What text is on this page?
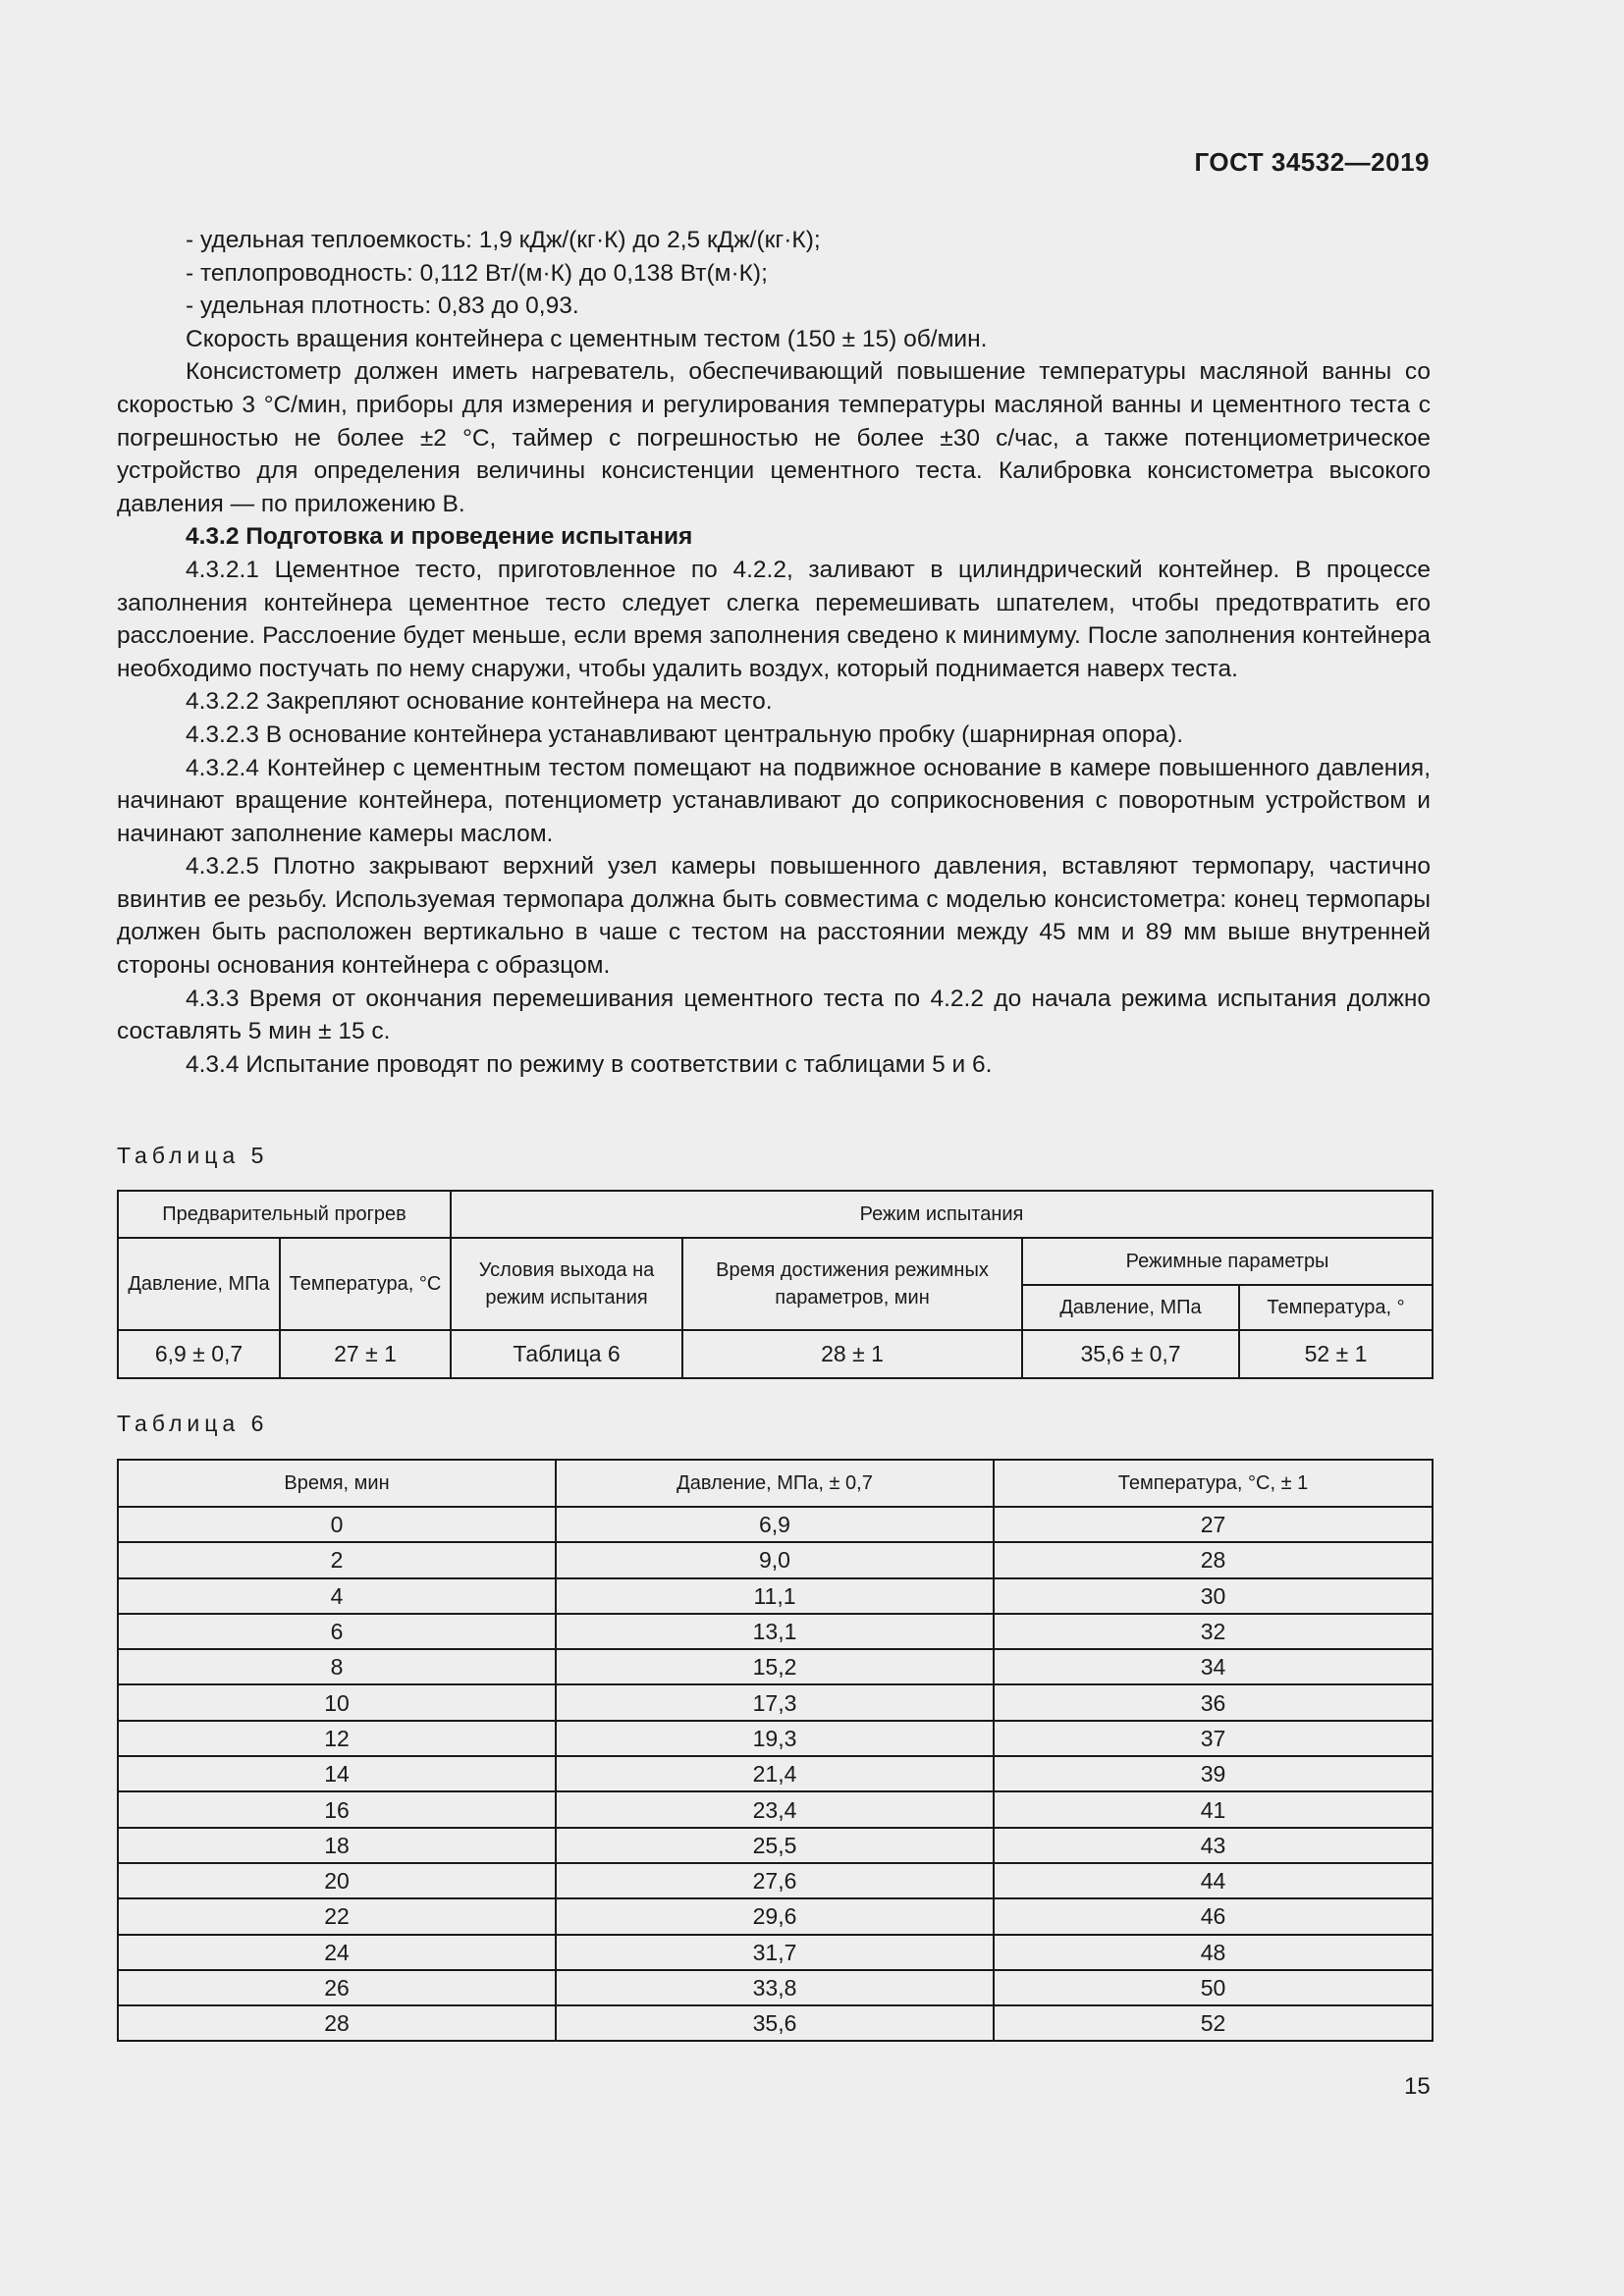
ГОСТ 34532—2019

- удельная теплоемкость: 1,9 кДж/(кг·К) до 2,5 кДж/(кг·К);

- теплопроводность: 0,112 Вт/(м·К) до 0,138 Вт(м·К);

- удельная плотность: 0,83 до 0,93.

Скорость вращения контейнера с цементным тестом (150 ± 15) об/мин.

Консистометр должен иметь нагреватель, обеспечивающий повышение температуры масляной ванны со скоростью 3 °С/мин, приборы для измерения и регулирования температуры масляной ванны и цементного теста с погрешностью не более ±2 °С, таймер с погрешностью не более ±30 с/час, а также потенциометрическое устройство для определения величины консистенции цементного теста. Калибровка консистометра высокого давления — по приложению В.

4.3.2 Подготовка и проведение испытания

4.3.2.1 Цементное тесто, приготовленное по 4.2.2, заливают в цилиндрический контейнер. В процессе заполнения контейнера цементное тесто следует слегка перемешивать шпателем, чтобы предотвратить его расслоение. Расслоение будет меньше, если время заполнения сведено к минимуму. После заполнения контейнера необходимо постучать по нему снаружи, чтобы удалить воздух, который поднимается наверх теста.

4.3.2.2 Закрепляют основание контейнера на место.

4.3.2.3 В основание контейнера устанавливают центральную пробку (шарнирная опора).

4.3.2.4 Контейнер с цементным тестом помещают на подвижное основание в камере повышенного давления, начинают вращение контейнера, потенциометр устанавливают до соприкосновения с поворотным устройством и начинают заполнение камеры маслом.

4.3.2.5 Плотно закрывают верхний узел камеры повышенного давления, вставляют термопару, частично ввинтив ее резьбу. Используемая термопара должна быть совместима с моделью консистометра: конец термопары должен быть расположен вертикально в чаше с тестом на расстоянии между 45 мм и 89 мм выше внутренней стороны основания контейнера с образцом.

4.3.3 Время от окончания перемешивания цементного теста по 4.2.2 до начала режима испытания должно составлять 5 мин ± 15 с.

4.3.4 Испытание проводят по режиму в соответствии с таблицами 5 и 6.

Таблица 5
Предварительный прогрев		Режим испытания			
Давление, МПа	Температура, °С	Условия выхода на режим испытания	Время достижения режимных параметров, мин	Режимные параметры	
				Давление, МПа	Температура, °
6,9 ± 0,7	27 ± 1	Таблица 6	28 ± 1	35,6 ± 0,7	52 ± 1
Таблица 6
Время, мин	Давление, МПа, ± 0,7	Температура, °С, ± 1
0	6,9	27
2	9,0	28
4	11,1	30
6	13,1	32
8	15,2	34
10	17,3	36
12	19,3	37
14	21,4	39
16	23,4	41
18	25,5	43
20	27,6	44
22	29,6	46
24	31,7	48
26	33,8	50
28	35,6	52
15
